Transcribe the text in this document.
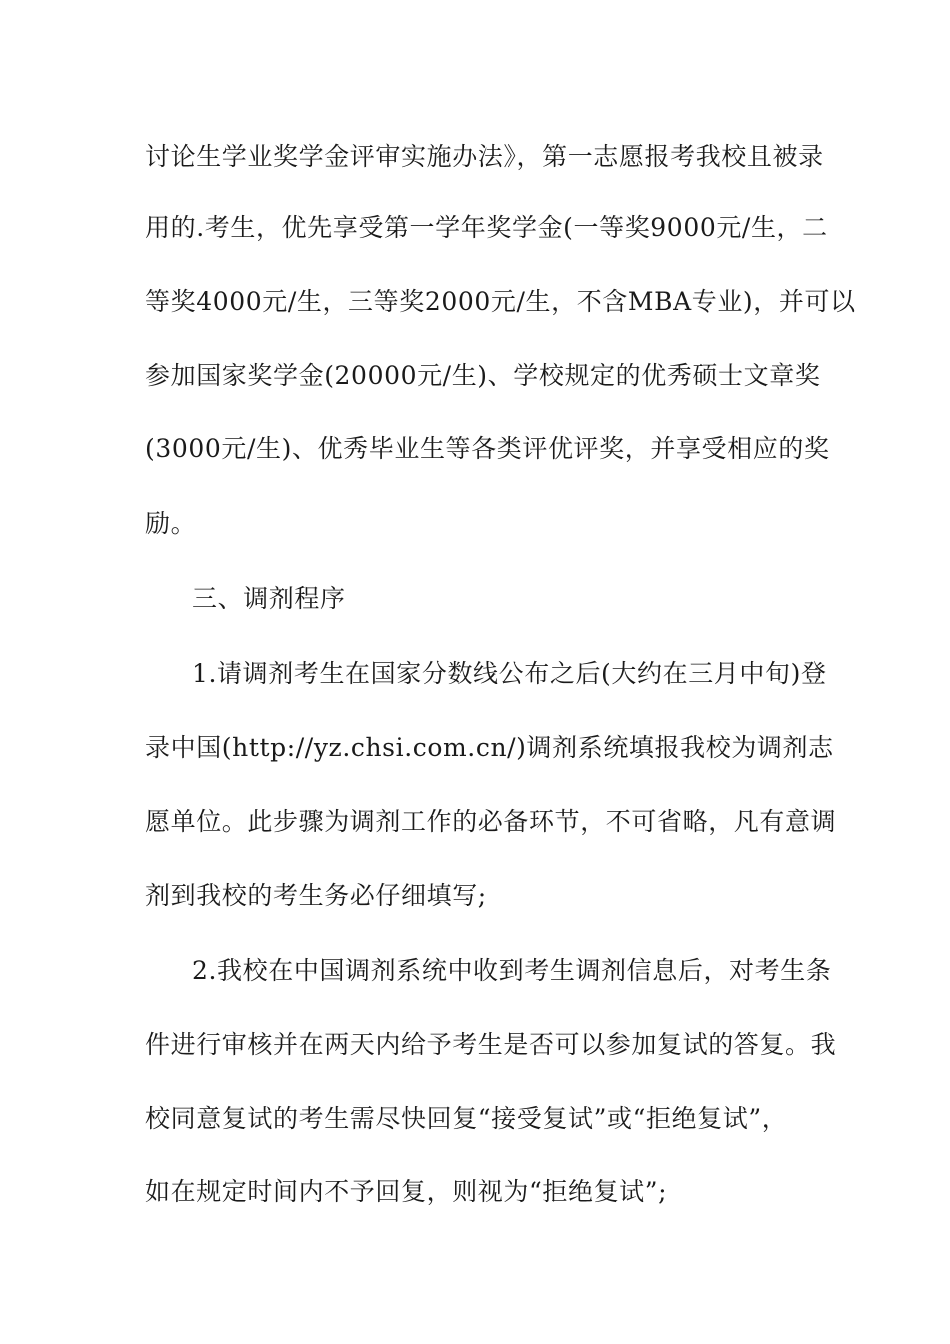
讨论生学业奖学金评审实施办法》，第一志愿报考我校且被录
用的.考生，优先享受第一学年奖学金(一等奖9000元/生，二
等奖4000元/生，三等奖2000元/生，不含MBA专业)，并可以
参加国家奖学金(20000元/生)、学校规定的优秀硕士文章奖
(3000元/生)、优秀毕业生等各类评优评奖，并享受相应的奖
励。
三、调剂程序
1.请调剂考生在国家分数线公布之后(大约在三月中旬)登
录中国(http://yz.chsi.com.cn/)调剂系统填报我校为调剂志
愿单位。此步骤为调剂工作的必备环节，不可省略，凡有意调
剂到我校的考生务必仔细填写;
2.我校在中国调剂系统中收到考生调剂信息后，对考生条
件进行审核并在两天内给予考生是否可以参加复试的答复。我
校同意复试的考生需尽快回复“接受复试”或“拒绝复试”，
如在规定时间内不予回复，则视为“拒绝复试”;
